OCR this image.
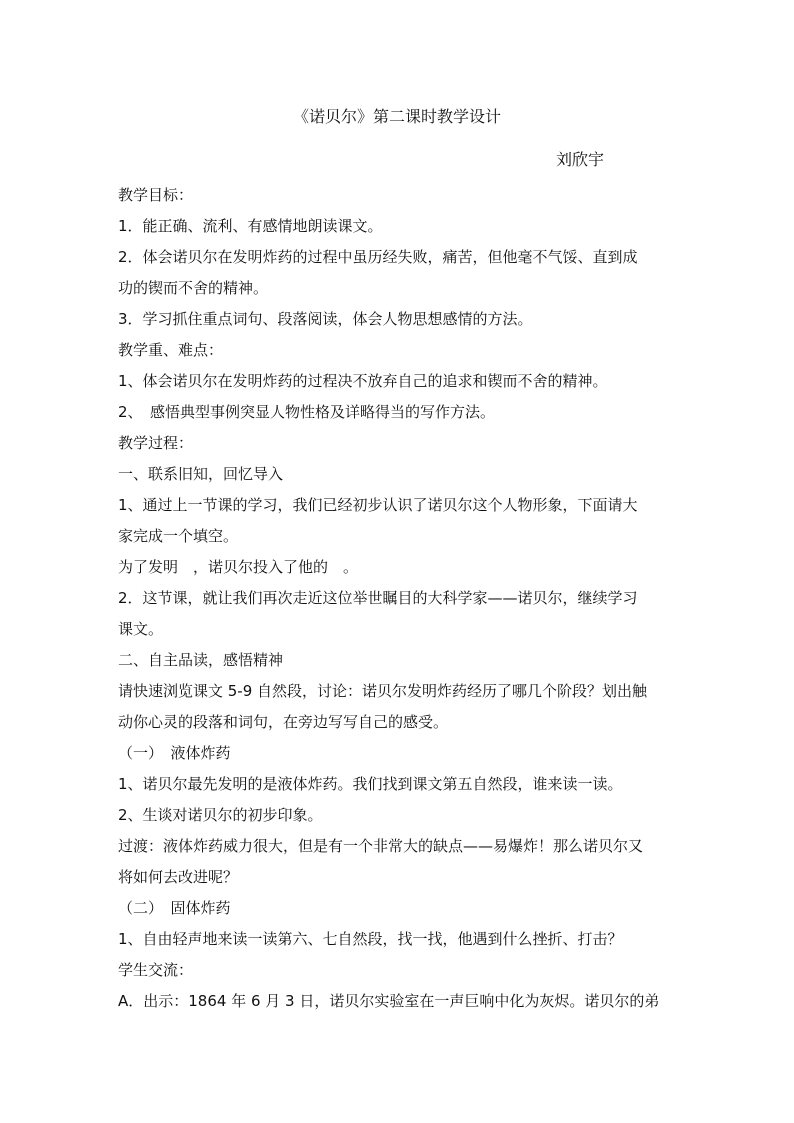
《诺贝尔》第二课时教学设计
刘欣宇
教学目标：
1．能正确、流利、有感情地朗读课文。
2．体会诺贝尔在发明炸药的过程中虽历经失败，痛苦，但他毫不气馁、直到成
功的锲而不舍的精神。
3．学习抓住重点词句、段落阅读，体会人物思想感情的方法。
教学重、难点：
1、体会诺贝尔在发明炸药的过程决不放弃自己的追求和锲而不舍的精神。
2、　感悟典型事例突显人物性格及详略得当的写作方法。
教学过程：
一、联系旧知，回忆导入
1、通过上一节课的学习，我们已经初步认识了诺贝尔这个人物形象，下面请大
家完成一个填空。
为了发明　，诺贝尔投入了他的　。
2．这节课，就让我们再次走近这位举世瞩目的大科学家——诺贝尔，继续学习
课文。
二、自主品读，感悟精神
请快速浏览课文 5-9 自然段，讨论：诺贝尔发明炸药经历了哪几个阶段？划出触
动你心灵的段落和词句，在旁边写写自己的感受。
（一）　液体炸药
1、诺贝尔最先发明的是液体炸药。我们找到课文第五自然段，谁来读一读。
2、生谈对诺贝尔的初步印象。
过渡：液体炸药威力很大，但是有一个非常大的缺点——易爆炸！那么诺贝尔又
将如何去改进呢？
（二）　固体炸药
1、自由轻声地来读一读第六、七自然段，找一找，他遇到什么挫折、打击？
学生交流：
A．出示：1864 年 6 月 3 日，诺贝尔实验室在一声巨响中化为灰烬。诺贝尔的弟
